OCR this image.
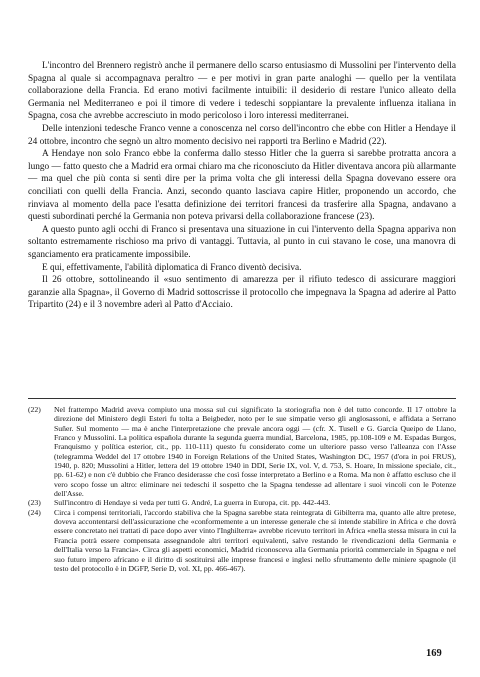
L'incontro del Brennero registrò anche il permanere dello scarso entusiasmo di Mussolini per l'intervento della Spagna al quale si accompagnava peraltro — e per motivi in gran parte analoghi — quello per la ventilata collaborazione della Francia. Ed erano motivi facilmente intuibili: il desiderio di restare l'unico alleato della Germania nel Mediterraneo e poi il timore di vedere i tedeschi soppiantare la prevalente influenza italiana in Spagna, cosa che avrebbe accresciuto in modo pericoloso i loro interessi mediterranei.

Delle intenzioni tedesche Franco venne a conoscenza nel corso dell'incontro che ebbe con Hitler a Hendaye il 24 ottobre, incontro che segnò un altro momento decisivo nei rapporti tra Berlino e Madrid (22).

A Hendaye non solo Franco ebbe la conferma dallo stesso Hitler che la guerra si sarebbe protratta ancora a lungo — fatto questo che a Madrid era ormai chiaro ma che riconosciuto da Hitler diventava ancora più allarmante — ma quel che più conta si sentì dire per la prima volta che gli interessi della Spagna dovevano essere ora conciliati con quelli della Francia. Anzi, secondo quanto lasciava capire Hitler, proponendo un accordo, che rinviava al momento della pace l'esatta definizione dei territori francesi da trasferire alla Spagna, andavano a questi subordinati perché la Germania non poteva privarsi della collaborazione francese (23).

A questo punto agli occhi di Franco si presentava una situazione in cui l'intervento della Spagna appariva non soltanto estremamente rischioso ma privo di vantaggi. Tuttavia, al punto in cui stavano le cose, una manovra di sganciamento era praticamente impossibile.

E qui, effettivamente, l'abilità diplomatica di Franco diventò decisiva.

Il 26 ottobre, sottolineando il «suo sentimento di amarezza per il rifiuto tedesco di assicurare maggiori garanzie alla Spagna», il Governo di Madrid sottoscrisse il protocollo che impegnava la Spagna ad aderire al Patto Tripartito (24) e il 3 novembre aderì al Patto d'Acciaio.

(22)	Nel frattempo Madrid aveva compiuto una mossa sul cui significato la storiografia non è del tutto concorde. Il 17 ottobre la direzione del Ministero degli Esteri fu tolta a Beigbeder, noto per le sue simpatie verso gli anglosassoni, e affidata a Serrano Suñer. Sul momento — ma è anche l'interpretazione che prevale ancora oggi — (cfr. X. Tusell e G. García Queipo de Llano, Franco y Mussolini. La política española durante la segunda guerra mundial, Barcelona, 1985, pp.108-109 e M. Espadas Burgos, Franquismo y política esterior, cit., pp. 110-111) questo fu considerato come un ulteriore passo verso l'alleanza con l'Asse (telegramma Weddel del 17 ottobre 1940 in Foreign Relations of the United States, Washington DC, 1957 (d'ora in poi FRUS), 1940, p. 820; Mussolini a Hitler, lettera del 19 ottobre 1940 in DDI, Serie IX, vol. V, d. 753, S. Hoare, In missione speciale, cit., pp. 61-62) e non c'è dubbio che Franco desiderasse che così fosse interpretato a Berlino e a Roma. Ma non è affatto escluso che il vero scopo fosse un altro: eliminare nei tedeschi il sospetto che la Spagna tendesse ad allentare i suoi vincoli con le Potenze dell'Asse.
(23)	Sull'incontro di Hendaye si veda per tutti G. André, La guerra in Europa, cit. pp. 442-443.
(24)	Circa i compensi territoriali, l'accordo stabiliva che la Spagna sarebbe stata reintegrata di Gibilterra ma, quanto alle altre pretese, doveva accontentarsi dell'assicurazione che «conformemente a un interesse generale che si intende stabilire in Africa e che dovrà essere concretato nei trattati di pace dopo aver vinto l'Inghilterra» avrebbe ricevuto territori in Africa «nella stessa misura in cui la Francia potrà essere compensata assegnandole altri territori equivalenti, salve restando le rivendicazioni della Germania e dell'Italia verso la Francia». Circa gli aspetti economici, Madrid riconosceva alla Germania priorità commerciale in Spagna e nel suo futuro impero africano e il diritto di sostituirsi alle imprese francesi e inglesi nello sfruttamento delle miniere spagnole (il testo del protocollo è in DGFP, Serie D, vol. XI, pp. 466-467).
169
